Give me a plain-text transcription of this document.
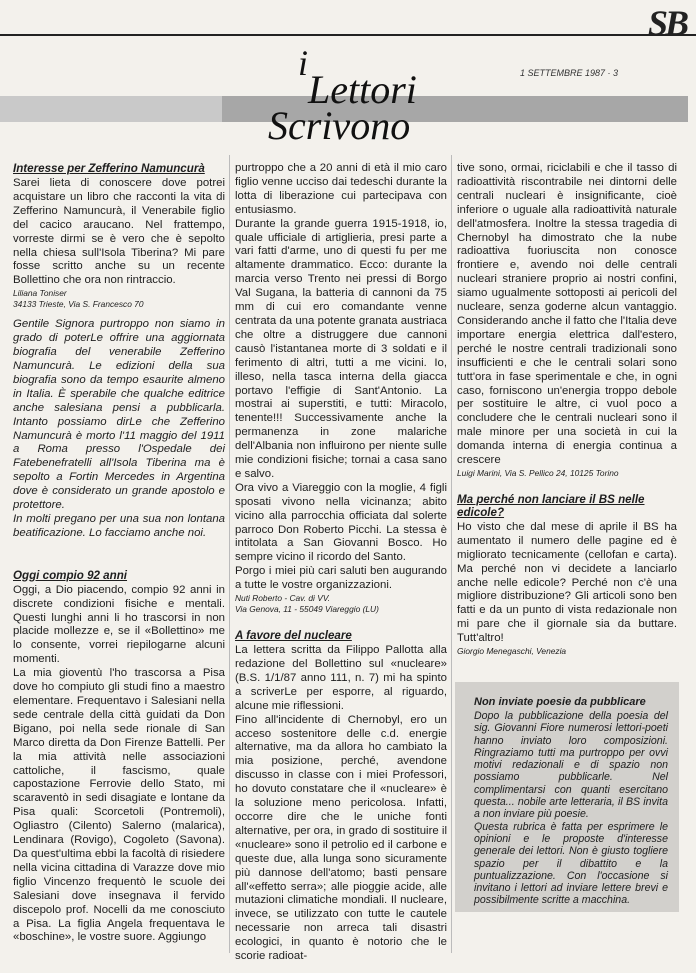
SB
1 SETTEMBRE 1987 · 3
i
Lettori
Scrivono
Interesse per Zefferino Namuncurà

Sarei lieta di conoscere dove potrei acquistare un libro che racconti la vita di Zefferino Namuncurà, il Venerabile figlio del cacico araucano. Nel frattempo, vorreste dirmi se è vero che è sepolto nella chiesa sull'Isola Tiberina? Mi pare fosse scritto anche su un recente Bollettino che ora non rintraccio.

Liliana Toniser

34133 Trieste, Via S. Francesco 70

Gentile Signora purtroppo non siamo in grado di poterLe offrire una aggiornata biografia del venerabile Zefferino Namuncurà. Le edizioni della sua biografia sono da tempo esaurite almeno in Italia. È sperabile che qualche editrice anche salesiana pensi a pubblicarla. Intanto possiamo dirLe che Zefferino Namuncurà è morto l'11 maggio del 1911 a Roma presso l'Ospedale dei Fatebenefratelli all'Isola Tiberina ma è sepolto a Fortin Mercedes in Argentina dove è considerato un grande apostolo e protettore.

In molti pregano per una sua non lontana beatificazione. Lo facciamo anche noi.

Oggi compio 92 anni

Oggi, a Dio piacendo, compio 92 anni in discrete condizioni fisiche e mentali. Questi lunghi anni li ho trascorsi in non placide mollezze e, se il «Bollettino» me lo consente, vorrei riepilogarne alcuni momenti.

La mia gioventù l'ho trascorsa a Pisa dove ho compiuto gli studi fino a maestro elementare. Frequentavo i Salesiani nella sede centrale della città guidati da Don Bigano, poi nella sede rionale di San Marco diretta da Don Firenze Battelli. Per la mia attività nelle associazioni cattoliche, il fascismo, quale capostazione Ferrovie dello Stato, mi scaraventò in sedi disagiate e lontane da Pisa quali: Scorcetoli (Pontremoli), Ogliastro (Cilento) Salerno (malarica), Lendinara (Rovigo), Cogoleto (Savona). Da quest'ultima ebbi la facoltà di risiedere nella vicina cittadina di Varazze dove mio figlio Vincenzo frequentò le scuole dei Salesiani dove insegnava il fervido discepolo prof. Nocelli da me conosciuto a Pisa. La figlia Angela frequentava le «boschine», le vostre suore. Aggiungo

purtroppo che a 20 anni di età il mio caro figlio venne ucciso dai tedeschi durante la lotta di liberazione cui partecipava con entusiasmo.

Durante la grande guerra 1915-1918, io, quale ufficiale di artiglieria, presi parte a vari fatti d'arme, uno di questi fu per me altamente drammatico. Ecco: durante la marcia verso Trento nei pressi di Borgo Val Sugana, la batteria di cannoni da 75 mm di cui ero comandante venne centrata da una potente granata austriaca che oltre a distruggere due cannoni causò l'istantanea morte di 3 soldati e il ferimento di altri, tutti a me vicini. Io, illeso, nella tasca interna della giacca portavo l'effigie di Sant'Antonio. La mostrai ai superstiti, e tutti: Miracolo, tenente!!! Successivamente anche la permanenza in zone malariche dell'Albania non influirono per niente sulle mie condizioni fisiche; tornai a casa sano e salvo.

Ora vivo a Viareggio con la moglie, 4 figli sposati vivono nella vicinanza; abito vicino alla parrocchia officiata dal solerte parroco Don Roberto Picchi. La stessa è intitolata a San Giovanni Bosco. Ho sempre vicino il ricordo del Santo.

Porgo i miei più cari saluti ben augurando a tutte le vostre organizzazioni.

Nuti Roberto - Cav. di VV.

Via Genova, 11 - 55049 Viareggio (LU)

A favore del nucleare

La lettera scritta da Filippo Pallotta alla redazione del Bollettino sul «nucleare» (B.S. 1/1/87 anno 111, n. 7) mi ha spinto a scriverLe per esporre, al riguardo, alcune mie riflessioni.

Fino all'incidente di Chernobyl, ero un acceso sostenitore delle c.d. energie alternative, ma da allora ho cambiato la mia posizione, perché, avendone discusso in classe con i miei Professori, ho dovuto constatare che il «nucleare» è la soluzione meno pericolosa. Infatti, occorre dire che le uniche fonti alternative, per ora, in grado di sostituire il «nucleare» sono il petrolio ed il carbone e queste due, alla lunga sono sicuramente più dannose dell'atomo; basti pensare all'«effetto serra»; alle pioggie acide, alle mutazioni climatiche mondiali. Il nucleare, invece, se utilizzato con tutte le cautele necessarie non arreca tali disastri ecologici, in quanto è notorio che le scorie radioat-

tive sono, ormai, riciclabili e che il tasso di radioattività riscontrabile nei dintorni delle centrali nucleari è insignificante, cioè inferiore o uguale alla radioattività naturale dell'atmosfera. Inoltre la stessa tragedia di Chernobyl ha dimostrato che la nube radioattiva fuoriuscita non conosce frontiere e, avendo noi delle centrali nucleari straniere proprio ai nostri confini, siamo ugualmente sottoposti ai pericoli del nucleare, senza goderne alcun vantaggio. Considerando anche il fatto che l'Italia deve importare energia elettrica dall'estero, perché le nostre centrali tradizionali sono insufficienti e che le centrali solari sono tutt'ora in fase sperimentale e che, in ogni caso, forniscono un'energia troppo debole per sostituire le altre, ci vuol poco a concludere che le centrali nucleari sono il male minore per una società in cui la domanda interna di energia continua a crescere

Luigi Marini, Via S. Pellico 24, 10125 Torino

Ma perché non lanciare il BS nelle edicole?

Ho visto che dal mese di aprile il BS ha aumentato il numero delle pagine ed è migliorato tecnicamente (cellofan e carta). Ma perché non vi decidete a lanciarlo anche nelle edicole? Perché non c'è una migliore distribuzione? Gli articoli sono ben fatti e da un punto di vista redazionale non mi pare che il giornale sia da buttare. Tutt'altro!

Giorgio Menegaschi, Venezia

Non inviate poesie da pubblicare

Dopo la pubblicazione della poesia del sig. Giovanni Fiore numerosi lettori-poeti hanno inviato loro composizioni. Ringraziamo tutti ma purtroppo per ovvi motivi redazionali e di spazio non possiamo pubblicarle. Nel complimentarsi con quanti esercitano questa... nobile arte letteraria, il BS invita a non inviare più poesie.

Questa rubrica è fatta per esprimere le opinioni e le proposte d'interesse generale dei lettori. Non è giusto togliere spazio per il dibattito e la puntualizzazione. Con l'occasione si invitano i lettori ad inviare lettere brevi e possibilmente scritte a macchina.
